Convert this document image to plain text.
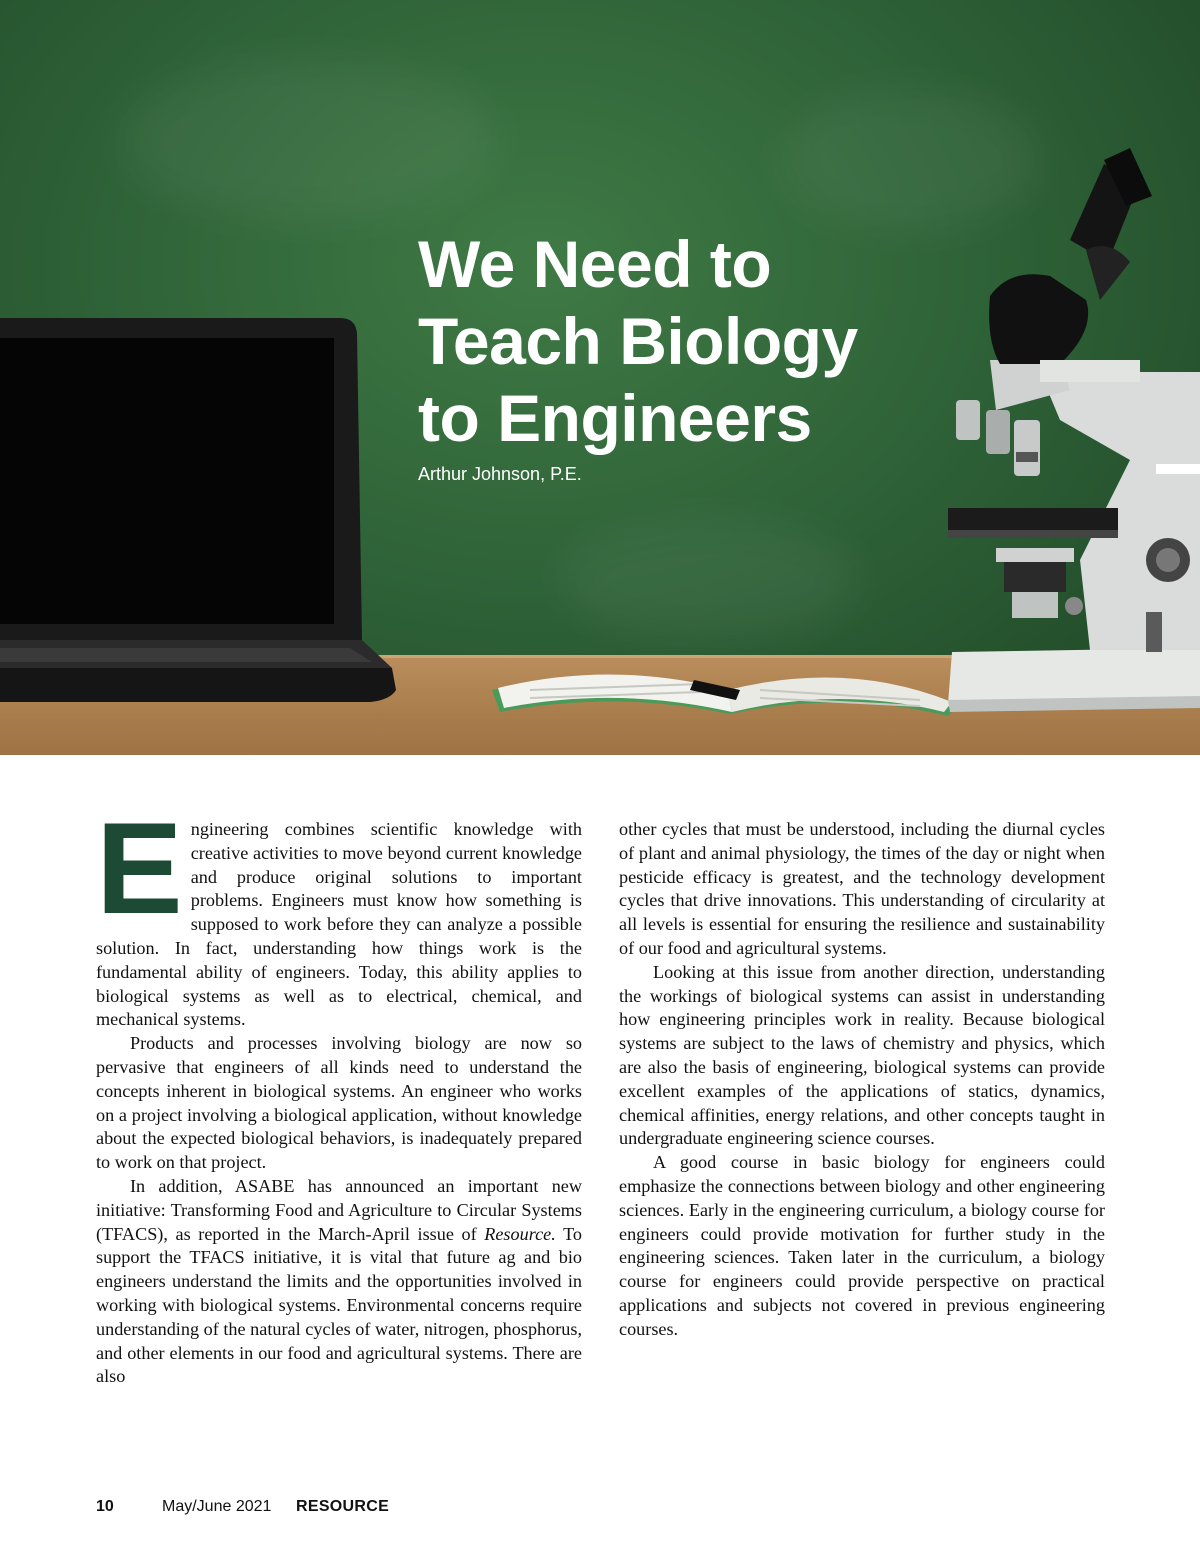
We Need to
Teach Biology
to Engineers
Arthur Johnson, P.E.

Engineering combines scientific knowledge with creative activities to move beyond current knowledge and produce original solutions to important problems. Engineers must know how something is supposed to work before they can analyze a possible solution. In fact, understanding how things work is the fundamental ability of engineers. Today, this ability applies to biological systems as well as to electrical, chemical, and mechanical systems.

Products and processes involving biology are now so pervasive that engineers of all kinds need to understand the concepts inherent in biological systems. An engineer who works on a project involving a biological application, without knowledge about the expected biological behaviors, is inadequately prepared to work on that project.

In addition, ASABE has announced an important new initiative: Transforming Food and Agriculture to Circular Systems (TFACS), as reported in the March-April issue of Resource. To support the TFACS initiative, it is vital that future ag and bio engineers understand the limits and the opportunities involved in working with biological systems. Environmental concerns require understanding of the natural cycles of water, nitrogen, phosphorus, and other elements in our food and agricultural systems. There are also

other cycles that must be understood, including the diurnal cycles of plant and animal physiology, the times of the day or night when pesticide efficacy is greatest, and the technology development cycles that drive innovations. This understanding of circularity at all levels is essential for ensuring the resilience and sustainability of our food and agricultural systems.

Looking at this issue from another direction, understanding the workings of biological systems can assist in understanding how engineering principles work in reality. Because biological systems are subject to the laws of chemistry and physics, which are also the basis of engineering, biological systems can provide excellent examples of the applications of statics, dynamics, chemical affinities, energy relations, and other concepts taught in undergraduate engineering science courses.

A good course in basic biology for engineers could emphasize the connections between biology and other engineering sciences. Early in the engineering curriculum, a biology course for engineers could provide motivation for further study in the engineering sciences. Taken later in the curriculum, a biology course for engineers could provide perspective on practical applications and subjects not covered in previous engineering courses.

10	May/June 2021 RESOURCE
